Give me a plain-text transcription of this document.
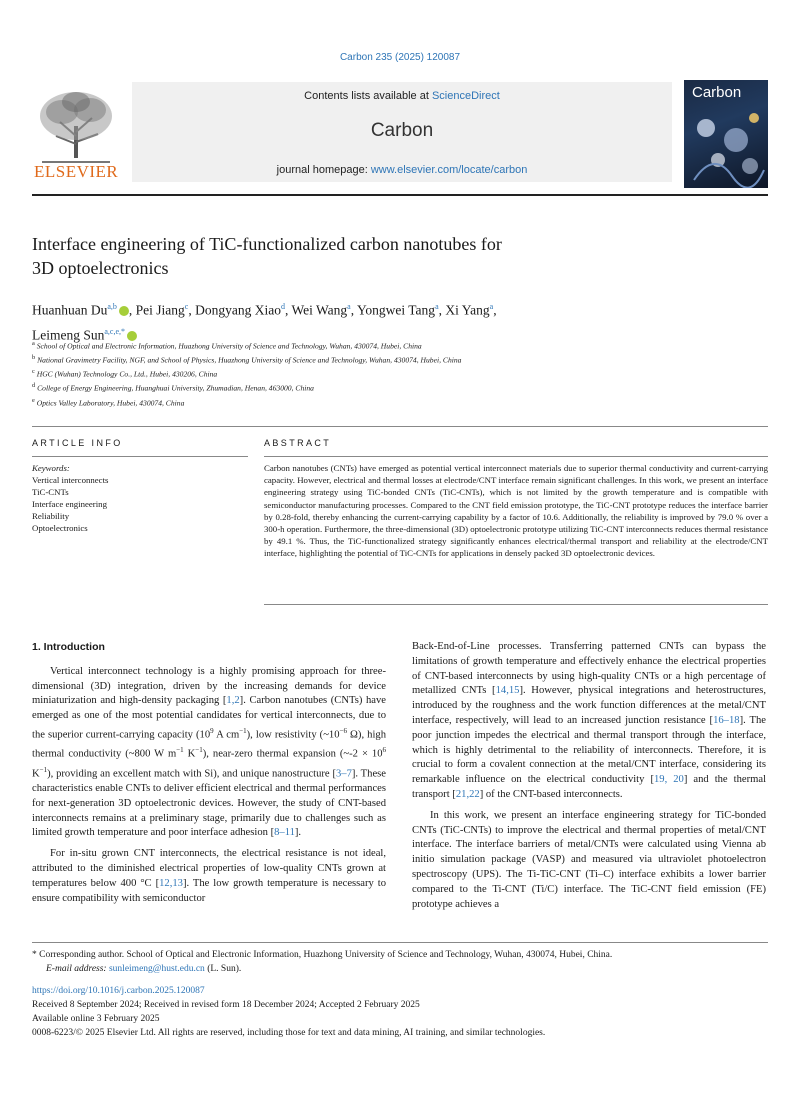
Carbon 235 (2025) 120087
ELSEVIER
Contents lists available at ScienceDirect
Carbon
journal homepage: www.elsevier.com/locate/carbon
Carbon
Interface engineering of TiC-functionalized carbon nanotubes for
3D optoelectronics
Huanhuan Du$^{a,b}$ , Pei Jiang$^c$, Dongyang Xiao$^d$, Wei Wang$^a$, Yongwei Tang$^a$, Xi Yang$^a$,
Leimeng Sun$^{a,c,e,*}$
$^a$ School of Optical and Electronic Information, Huazhong University of Science and Technology, Wuhan, 430074, Hubei, China
$^b$ National Gravimetry Facility, NGF, and School of Physics, Huazhong University of Science and Technology, Wuhan, 430074, Hubei, China
$^c$ HGC (Wuhan) Technology Co., Ltd., Hubei, 430206, China
$^d$ College of Energy Engineering, Huanghuai University, Zhumadian, Henan, 463000, China
$^e$ Optics Valley Laboratory, Hubei, 430074, China
ARTICLE INFO	ABSTRACT
Keywords:
Vertical interconnects
TiC-CNTs
Interface engineering
Reliability
Optoelectronics
Carbon nanotubes (CNTs) have emerged as potential vertical interconnect materials due to superior thermal conductivity and current-carrying capacity. However, electrical and thermal losses at electrode/CNT interface remain significant challenges. In this work, we present an interface engineering strategy using TiC-bonded CNTs (TiC-CNTs), which is not limited by the growth temperature and is compatible with semiconductor manufacturing processes. Compared to the CNT field emission prototype, the TiC-CNT prototype reduces the interface barrier by 0.28-fold, thereby enhancing the current-carrying capability by a factor of 10.6. Additionally, the reliability is improved by 79.0 % over a 300-h operation. Furthermore, the three-dimensional (3D) optoelectronic prototype utilizing TiC-CNT interconnects reduces thermal resistance by 49.1 %. Thus, the TiC-functionalized strategy significantly enhances electrical/thermal transport and reliability at the electrode/CNT interface, highlighting the potential of TiC-CNTs for applications in densely packed 3D optoelectronic devices.
1. Introduction

Vertical interconnect technology is a highly promising approach for three-dimensional (3D) integration, driven by the increasing demands for device miniaturization and high-density packaging [1,2]. Carbon nanotubes (CNTs) have emerged as one of the most potential candidates for vertical interconnects, due to the superior current-carrying capacity ($10^9$ A $cm^{-1}$), low resistivity ($\sim 10^{-6}$ Ω), high thermal conductivity (~800 W $m^{-1}$ $K^{-1}$), near-zero thermal expansion (~-2 × $10^6$ $K^{-1}$), providing an excellent match with Si), and unique nanostructure [3–7]. These characteristics enable CNTs to deliver efficient electrical and thermal performances for next-generation 3D optoelectronic devices. However, the study of CNT-based interconnects remains at a preliminary stage, primarily due to challenges such as limited growth temperature and poor interface adhesion [8–11].

For in-situ grown CNT interconnects, the electrical resistance is not ideal, attributed to the diminished electrical properties of low-quality CNTs grown at temperatures below 400 °C [12,13]. The low growth temperature is necessary to ensure compatibility with semiconductor

Back-End-of-Line processes. Transferring patterned CNTs can bypass the limitations of growth temperature and effectively enhance the electrical properties of CNT-based interconnects by using high-quality CNTs or a high percentage of metallized CNTs [14,15]. However, physical integrations and heterostructures, introduced by the roughness and the work function differences at the metal/CNT interface, respectively, will lead to an increased junction resistance [16–18]. The poor junction impedes the electrical and thermal transport through the interface, which is highly detrimental to the reliability of interconnects. Therefore, it is crucial to form a covalent connection at the metal/CNT interface, considering its remarkable influence on the electrical conductivity [19, 20] and the thermal transport [21,22] of the CNT-based interconnects.

In this work, we present an interface engineering strategy for TiC-bonded CNTs (TiC-CNTs) to improve the electrical and thermal properties of metal/CNT interface. The interface barriers of metal/CNTs were calculated using Vienna ab initio simulation package (VASP) and measured via ultraviolet photoelectron spectroscopy (UPS). The Ti-TiC-CNT (Ti–C) interface exhibits a lower barrier compared to the Ti-CNT (Ti/C) interface. The TiC-CNT field emission (FE) prototype achieves a

* Corresponding author. School of Optical and Electronic Information, Huazhong University of Science and Technology, Wuhan, 430074, Hubei, China.
E-mail address: sunleimeng@hust.edu.cn (L. Sun).
https://doi.org/10.1016/j.carbon.2025.120087
Received 8 September 2024; Received in revised form 18 December 2024; Accepted 2 February 2025
Available online 3 February 2025
0008-6223/© 2025 Elsevier Ltd. All rights are reserved, including those for text and data mining, AI training, and similar technologies.
